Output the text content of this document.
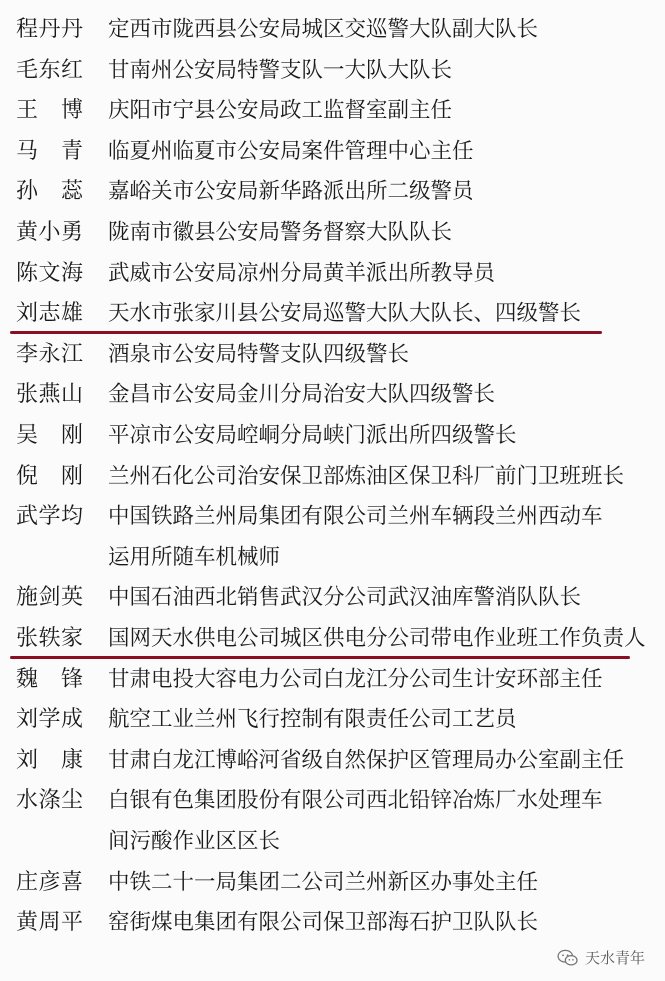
程丹丹	定西市陇西县公安局城区交巡警大队副大队长
毛东红	甘南州公安局特警支队一大队大队长
王　博	庆阳市宁县公安局政工监督室副主任
马　青	临夏州临夏市公安局案件管理中心主任
孙　蕊	嘉峪关市公安局新华路派出所二级警员
黄小勇	陇南市徽县公安局警务督察大队队长
陈文海	武威市公安局凉州分局黄羊派出所教导员
刘志雄	天水市张家川县公安局巡警大队大队长、四级警长
李永江	酒泉市公安局特警支队四级警长
张燕山	金昌市公安局金川分局治安大队四级警长
吴　刚	平凉市公安局崆峒分局峡门派出所四级警长
倪　刚	兰州石化公司治安保卫部炼油区保卫科厂前门卫班班长
武学均	中国铁路兰州局集团有限公司兰州车辆段兰州西动车
运用所随车机械师
施剑英	中国石油西北销售武汉分公司武汉油库警消队队长
张轶家	国网天水供电公司城区供电分公司带电作业班工作负责人
魏　锋	甘肃电投大容电力公司白龙江分公司生计安环部主任
刘学成	航空工业兰州飞行控制有限责任公司工艺员
刘　康	甘肃白龙江博峪河省级自然保护区管理局办公室副主任
水涤尘	白银有色集团股份有限公司西北铅锌冶炼厂水处理车
间污酸作业区区长
庄彦喜	中铁二十一局集团二公司兰州新区办事处主任
黄周平	窑街煤电集团有限公司保卫部海石护卫队队长
天水青年
